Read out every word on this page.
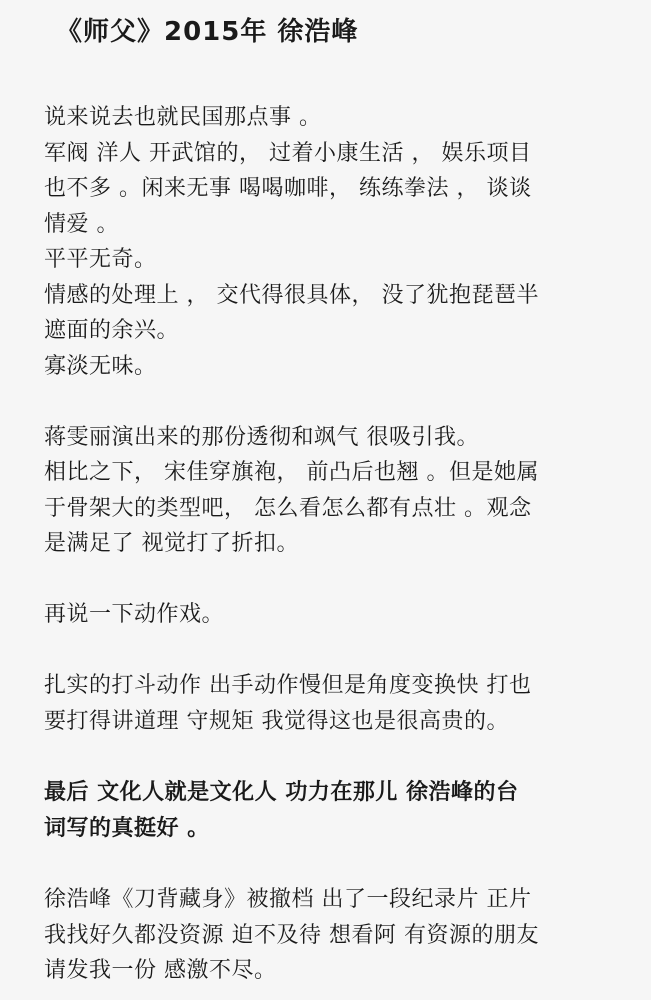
《师父》2015年 徐浩峰
说来说去也就民国那点事 。
军阀 洋人 开武馆的， 过着小康生活 ， 娱乐项目
也不多 。闲来无事 喝喝咖啡， 练练拳法 ， 谈谈
情爱 。
平平无奇。
情感的处理上 ， 交代得很具体， 没了犹抱琵琶半
遮面的余兴。
寡淡无味。
蒋雯丽演出来的那份透彻和飒气 很吸引我。
相比之下， 宋佳穿旗袍， 前凸后也翘 。但是她属
于骨架大的类型吧， 怎么看怎么都有点壮 。观念
是满足了 视觉打了折扣。
再说一下动作戏。
扎实的打斗动作 出手动作慢但是角度变换快 打也
要打得讲道理 守规矩 我觉得这也是很高贵的。
最后 文化人就是文化人 功力在那儿 徐浩峰的台
词写的真挺好 。
徐浩峰《刀背藏身》被撤档 出了一段纪录片 正片
我找好久都没资源 迫不及待 想看阿 有资源的朋友
请发我一份 感激不尽。
